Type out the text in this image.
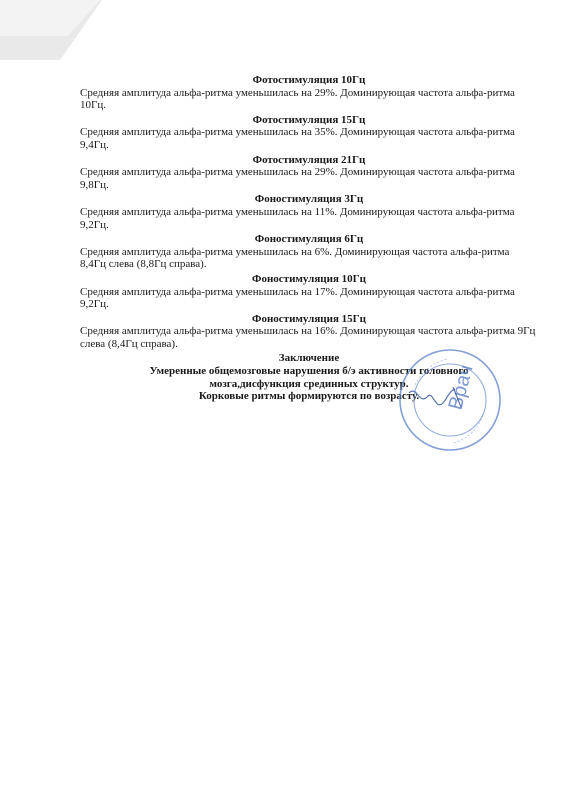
Фотостимуляция 10Гц
Средняя амплитуда альфа-ритма уменьшилась на 29%. Доминирующая частота альфа-ритма 10Гц.
Фотостимуляция 15Гц
Средняя амплитуда альфа-ритма уменьшилась на 35%. Доминирующая частота альфа-ритма 9,4Гц.
Фотостимуляция 21Гц
Средняя амплитуда альфа-ритма уменьшилась на 29%. Доминирующая частота альфа-ритма 9,8Гц.
Фоностимуляция 3Гц
Средняя амплитуда альфа-ритма уменьшилась на 11%. Доминирующая частота альфа-ритма 9,2Гц.
Фоностимуляция 6Гц
Средняя амплитуда альфа-ритма уменьшилась на 6%. Доминирующая частота альфа-ритма 8,4Гц слева (8,8Гц справа).
Фоностимуляция 10Гц
Средняя амплитуда альфа-ритма уменьшилась на 17%. Доминирующая частота альфа-ритма 9,2Гц.
Фоностимуляция 15Гц
Средняя амплитуда альфа-ритма уменьшилась на 16%. Доминирующая частота альфа-ритма 9Гц слева (8,4Гц справа).
Заключение
Умеренные общемозговые нарушения б/э активности головного
мозга,дисфункция срединных структур.
Корковые ритмы формируются по возрасту.	Врач
